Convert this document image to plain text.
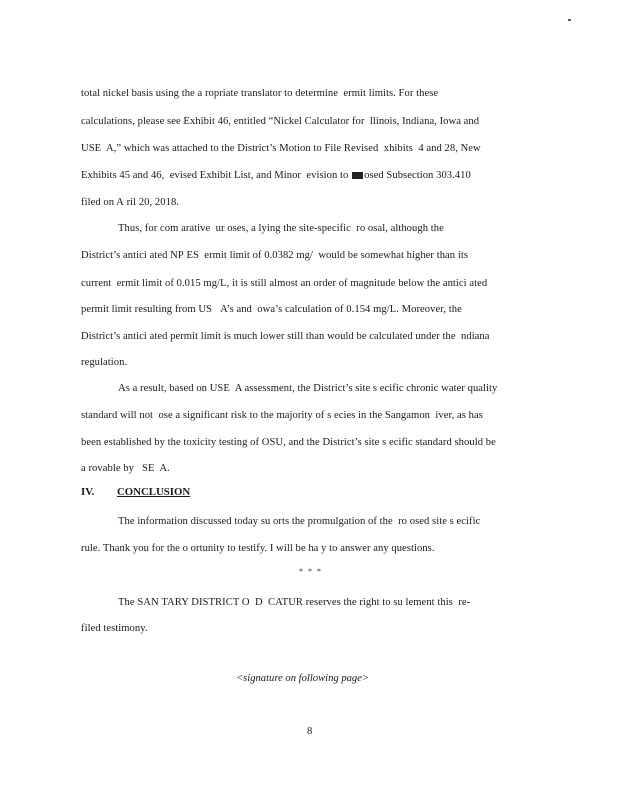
total nickel basis using the a ropriate translator to determine  ermit limits. For these
calculations, please see Exhibit 46, entitled “Nickel Calculator for  llinois, Indiana, Iowa and
USE  A,” which was attached to the District’s Motion to File Revised  xhibits  4 and 28, New
Exhibits 45 and 46,  evised Exhibit List, and Minor  evision to osed Subsection 303.410
filed on A ril 20, 2018.
Thus, for com arative  ur oses, a lying the site-specific  ro osal, although the
District’s antici ated NP ES  ermit limit of 0.0382 mg/  would be somewhat higher than its
current  ermit limit of 0.015 mg/L, it is still almost an order of magnitude below the antici ated
permit limit resulting from US   A’s and  owa’s calculation of 0.154 mg/L. Moreover, the
District’s antici ated permit limit is much lower still than would be calculated under the  ndiana
regulation.
As a result, based on USE  A assessment, the District’s site s ecific chronic water quality
standard will not  ose a significant risk to the majority of s ecies in the Sangamon  iver, as has
been established by the toxicity testing of OSU, and the District’s site s ecific standard should be
a rovable by   SE  A.
IV. CONCLUSION
The information discussed today su orts the promulgation of the  ro osed site s ecific
rule. Thank you for the o ortunity to testify. I will be ha y to answer any questions.
* * *
The SAN TARY DISTRICT O  D  CATUR reserves the right to su lement this  re-
filed testimony.
<signature on following page>
8
